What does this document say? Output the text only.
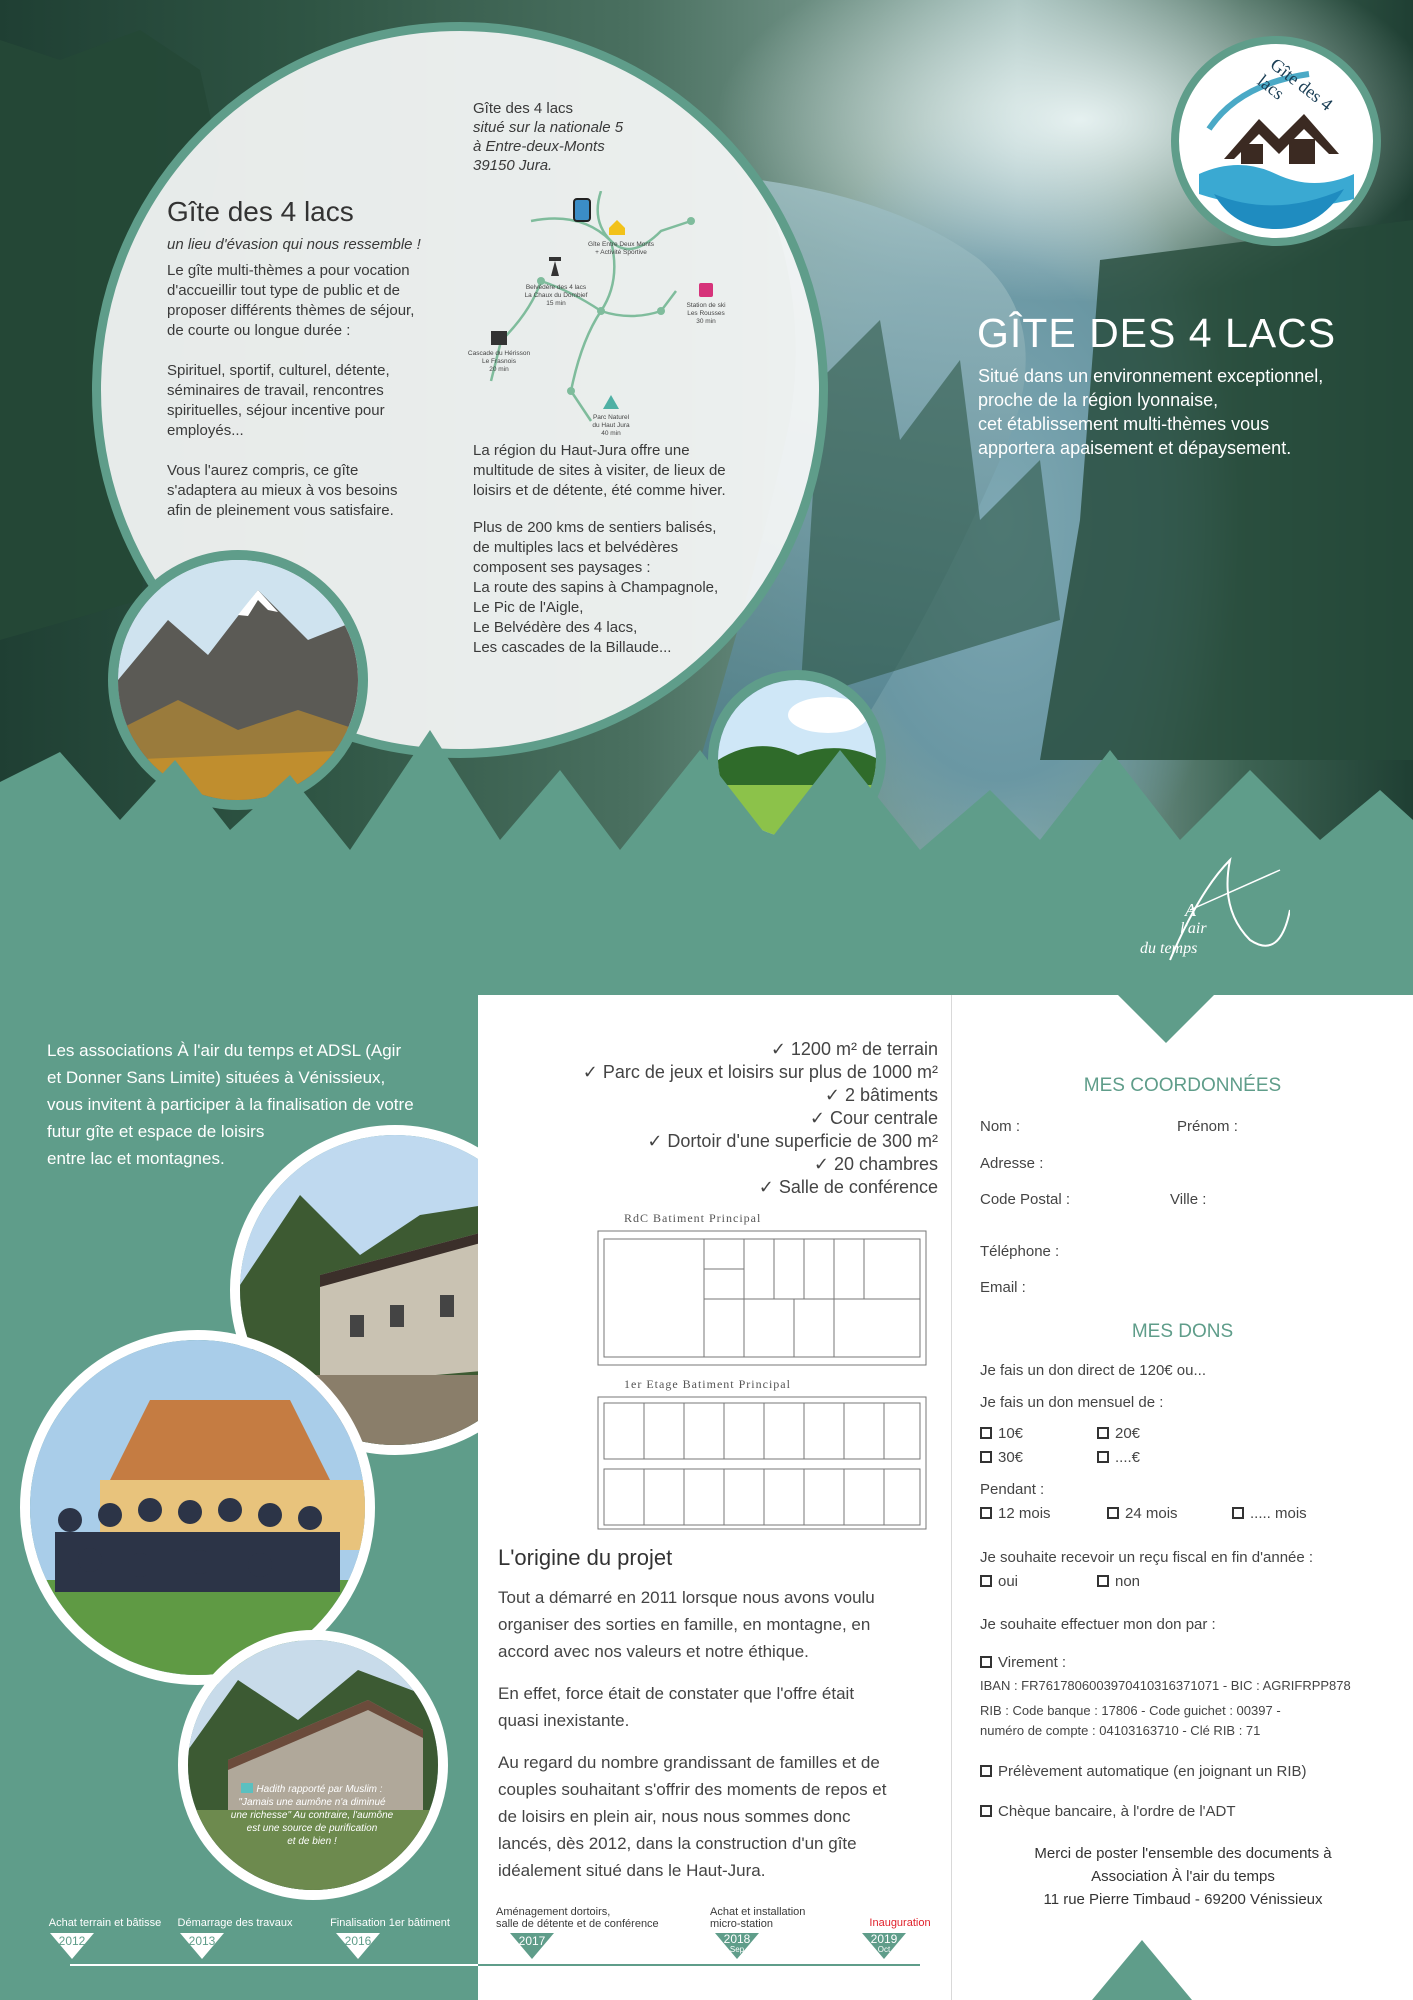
Gîte des 4 lacs
un lieu d'évasion qui nous ressemble !
Le gîte multi-thèmes a pour vocation
d'accueillir tout type de public et de
proposer différents thèmes de séjour,
de courte ou longue durée :
Spirituel, sportif, culturel, détente,
séminaires de travail, rencontres
spirituelles, séjour incentive pour
employés...
Vous l'aurez compris, ce gîte
s'adaptera au mieux à vos besoins
afin de pleinement vous satisfaire.
Gîte des 4 lacs
situé sur la nationale 5
à Entre-deux-Monts
39150 Jura.
Gîte Entre Deux Monts
+ Activité Sportive
Belvédère des 4 lacs
La Chaux du Dombief
15 min
Cascade du Hérisson
Le Frasnois
20 min
Station de ski
Les Rousses
30 min
Parc Naturel
du Haut Jura
40 min
La région du Haut-Jura offre une
multitude de sites à visiter, de lieux de
loisirs et de détente, été comme hiver.
Plus de 200 kms de sentiers balisés,
de multiples lacs et belvédères
composent ses paysages :
La route des sapins à Champagnole,
Le Pic de l'Aigle,
Le Belvédère des 4 lacs,
Les cascades de la Billaude...
Gîte des 4 lacs
GÎTE DES 4 LACS
Situé dans un environnement exceptionnel,
proche de la région lyonnaise,
cet établissement multi-thèmes vous
apportera apaisement et dépaysement.
A
l'air
du temps
Les associations À l'air du temps et ADSL (Agir
et Donner Sans Limite) situées à Vénissieux,
vous invitent à participer à la finalisation de votre
futur gîte et espace de loisirs
entre lac et montagnes.
Hadith rapporté par Muslim :
"Jamais une aumône n'a diminué
une richesse" Au contraire, l'aumône
est une source de purification
et de bien !
✓ 1200 m² de terrain
✓ Parc de jeux et loisirs sur plus de 1000 m²
✓ 2 bâtiments
✓ Cour centrale
✓ Dortoir d'une superficie de 300 m²
✓ 20 chambres
✓ Salle de conférence
RdC Batiment Principal
1er Etage Batiment Principal
L'origine du projet
Tout a démarré en 2011 lorsque nous avons voulu
organiser des sorties en famille, en montagne, en
accord avec nos valeurs et notre éthique.
En effet, force était de constater que l'offre était
quasi inexistante.
Au regard du nombre grandissant de familles et de
couples souhaitant s'offrir des moments de repos et
de loisirs en plein air, nous nous sommes donc
lancés, dès 2012, dans la construction d'un gîte
idéalement situé dans le Haut-Jura.
MES COORDONNÉES
Nom :	Prénom :
Adresse :
Code Postal :	Ville :
Téléphone :
Email :
MES DONS
Je fais un don direct de 120€ ou...
Je fais un don mensuel de :
10€	20€
30€	....€
Pendant :
12 mois	24 mois	..... mois
Je souhaite recevoir un reçu fiscal en fin d'année :
oui	non
Je souhaite effectuer mon don par :
Virement :
IBAN : FR7617806003970410316371071 - BIC : AGRIFRPP878
RIB : Code banque : 17806 - Code guichet : 00397 -
numéro de compte : 04103163710 - Clé RIB : 71
Prélèvement automatique (en joignant un RIB)
Chèque bancaire, à l'ordre de l'ADT
Merci de poster l'ensemble des documents à
Association À l'air du temps
11 rue Pierre Timbaud - 69200 Vénissieux
Achat terrain et bâtisse
2012
Démarrage des travaux
2013
Finalisation 1er bâtiment
2016
Aménagement dortoirs,
salle de détente et de conférence
2017
Achat et installation
micro-station
2018
Sep
Inauguration
2019
Oct
